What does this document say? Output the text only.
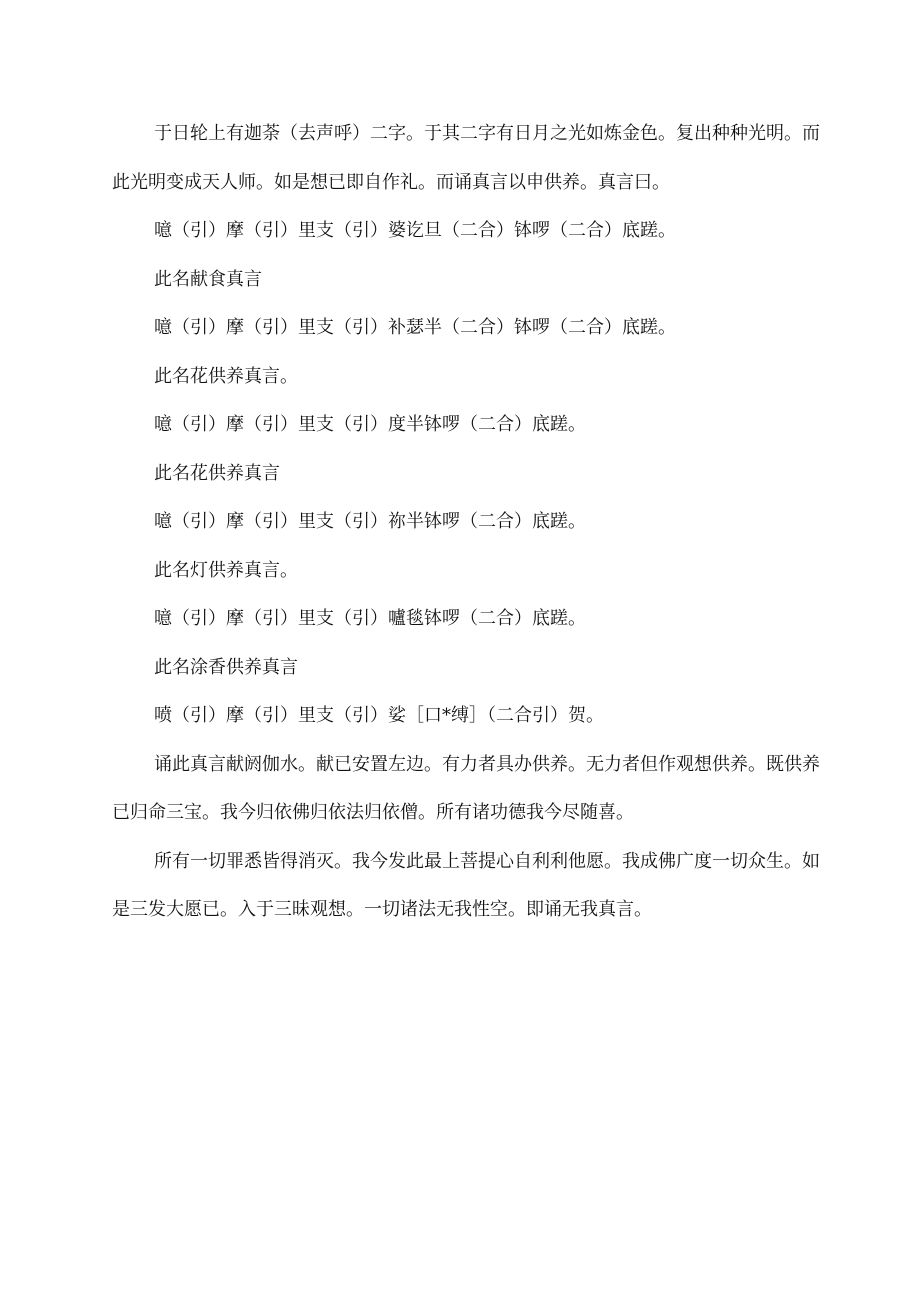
于日轮上有迦荼（去声呼）二字。于其二字有日月之光如炼金色。复出种种光明。而此光明变成天人师。如是想已即自作礼。而诵真言以申供养。真言曰。

噫（引）摩（引）里支（引）婆讫旦（二合）钵啰（二合）底蹉。

此名献食真言

噫（引）摩（引）里支（引）补瑟半（二合）钵啰（二合）底蹉。

此名花供养真言。

噫（引）摩（引）里支（引）度半钵啰（二合）底蹉。

此名花供养真言

噫（引）摩（引）里支（引）祢半钵啰（二合）底蹉。

此名灯供养真言。

噫（引）摩（引）里支（引）嚧毯钵啰（二合）底蹉。

此名涂香供养真言

喷（引）摩（引）里支（引）娑［口*缚］（二合引）贺。

诵此真言献阏伽水。献已安置左边。有力者具办供养。无力者但作观想供养。既供养已归命三宝。我今归依佛归依法归依僧。所有诸功德我今尽随喜。

所有一切罪悉皆得消灭。我今发此最上菩提心自利利他愿。我成佛广度一切众生。如是三发大愿已。入于三昧观想。一切诸法无我性空。即诵无我真言。
